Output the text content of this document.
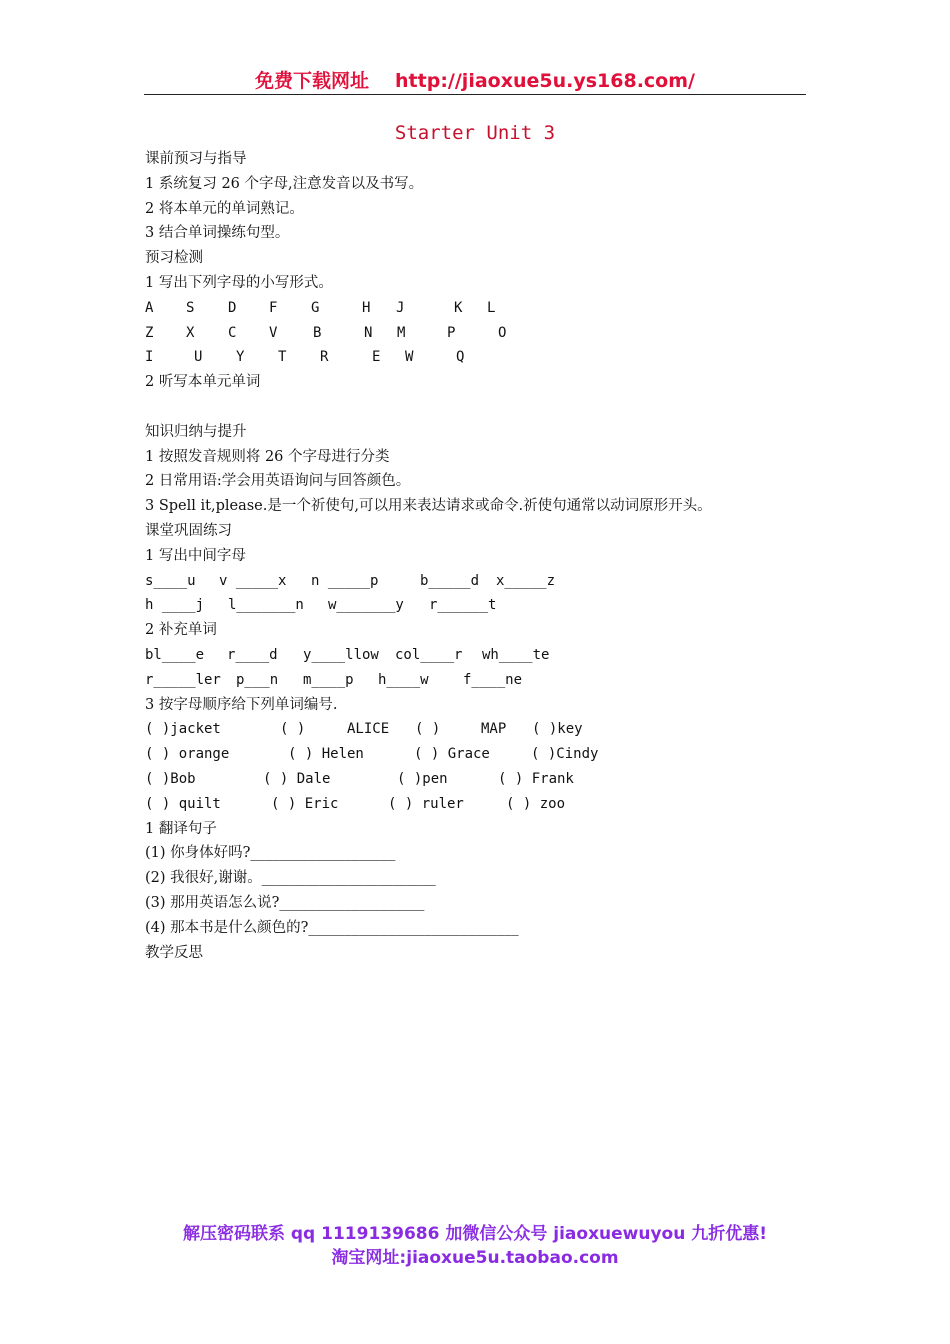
免费下载网址 http://jiaoxue5u.ys168.com/
Starter Unit 3
课前预习与指导
1 系统复习 26 个字母,注意发音以及书写。
2 将本单元的单词熟记。
3 结合单词操练句型。
预习检测
1 写出下列字母的小写形式。
A S D F G	H J	K L
Z X C V	B	N M	P	O
I	U Y T R	E W	Q
2 听写本单元单词
知识归纳与提升
1 按照发音规则将 26 个字母进行分类
2 日常用语:学会用英语询问与回答颜色。
3 Spell it,please.是一个祈使句,可以用来表达请求或命令.祈使句通常以动词原形开头。
课堂巩固练习
1 写出中间字母
s____u v _____x n _____p	b_____d x_____z
h ____j l_______n w_______y r______t
2 补充单词
bl____e r____d y____llow col____r wh____te
r_____ler p___n m____p h____w f____ne
3 按字母顺序给下列单词编号.
( )jacket	( )	ALICE ( )	MAP ( )key
( ) orange	( ) Helen	( ) Grace	( )Cindy
( )Bob	( ) Dale	( )pen	( ) Frank
( ) quilt	( ) Eric	( ) ruler	( ) zoo
1 翻译句子
(1) 你身体好吗?____________________
(2) 我很好,谢谢。________________________
(3) 那用英语怎么说?____________________
(4) 那本书是什么颜色的?_____________________________
教学反思
解压密码联系 qq 1119139686 加微信公众号 jiaoxuewuyou 九折优惠!
淘宝网址:jiaoxue5u.taobao.com
